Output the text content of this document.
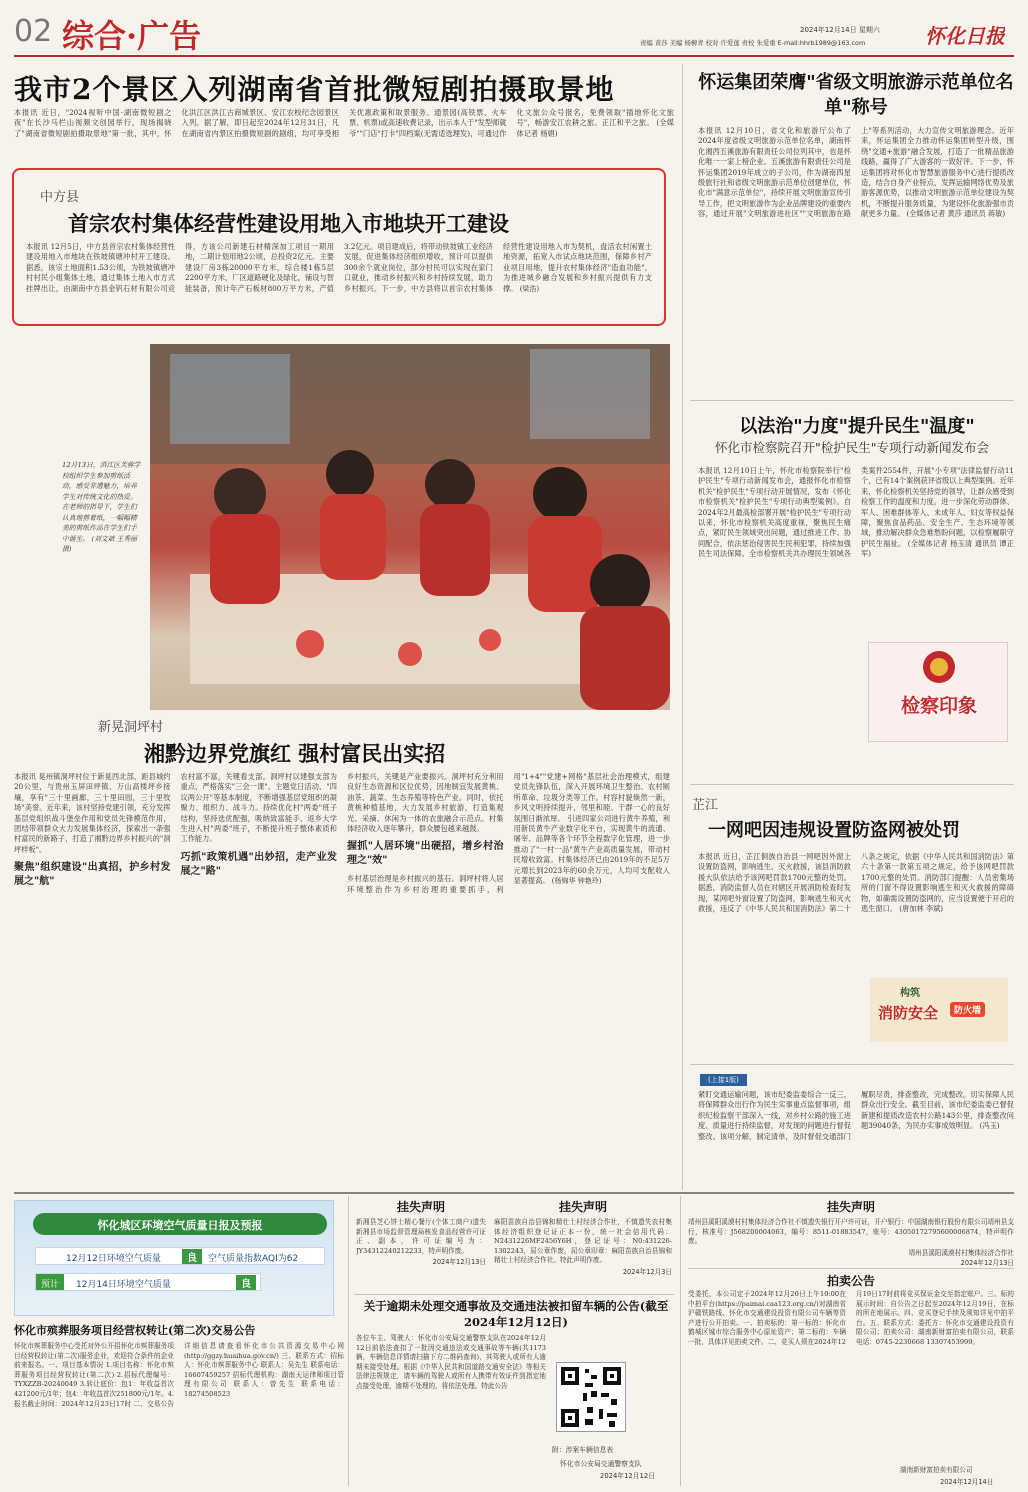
02 综合·广告	责编 黄莎 美编 杨柳青 校对 许爱莲 责校 朱爱重 E-mail:hhrb1989@163.com
2024年12月14日 星期六 怀化日报
我市2个景区入列湖南省首批微短剧拍摄取景地
本报讯 近日，"2024视听中国·湖南微短剧之夜"在长沙马栏山视频文创园举行，现场揭晓了"湖南省微短剧拍摄取景地"第一批，其中，怀化洪江区洪江古商城景区、安江农校纪念园景区入列。据了解，即日起至2024年12月31日，凡在湖南省内景区拍摄微短剧的剧组，均可享受相关优惠政策和取景服务。通景园(高铁票、火车票、机票)或高速收费记录，出示本人于"发型师就爷""门店"打卡"四档案(无需适选理发)，可通过作化文旅公众号报名，免费领取"插地怀化文旅号"，畅游安江农耕之旅、正江和平之旅。 (全媒体记者 杨娟)
中方县
首宗农村集体经营性建设用地入市地块开工建设
本报讯 12月5日，中方县首宗农村集体经营性建设用地入市地块在铁坡镇塘冲村开工建设。据悉，该宗土地面积1.53公顷，为铁坡镇塘冲村村民小组集体土地，通过集体土地入市方式挂牌出让，由湖南中方县金钒石材有限公司竞得，方该公司新建石材精深加工项目一期用地，二期计划用地2公顷，总投资2亿元。主要建设厂房3栋20000平方米，综合楼1栋5层2200平方米，厂区道路硬化及绿化，铺设与智能装备，预计年产石板材800万平方米，产值3.2亿元。项目建成后，将带动铁坡镇工业经济发展，促进集体经济组织增收，预计可以提供300余个就业岗位，部分村民可以实现在家门口就业，推动乡村振兴和乡村持续发展，助力乡村振兴。下一步，中方县将以首宗农村集体经营性建设用地入市为契机，盘活农村闲置土地资源，拓宽入市试点地块范围，保障乡村产业项目用地，提升农村集体经济"造血功能"，为推进城乡融合发展和乡村振兴提供有力支撑。 (梁浩)
12月13日，洪江区芙蓉学校组织学生参加剪纸活动，感受非遗魅力，培养学生对传统文化的热爱。在老师的指导下，学生们认真地剪着纸，一幅幅精美的剪纸作品在学生们手中诞生。 (刘文斌 王秀丽 摄)
新晃洞坪村
湘黔边界党旗红 强村富民出实招
本报讯 晃州镇洞坪村位于新晃西北部，距县城约20公里，与贵州玉屏田坪镇、万山高楼坪乡接壤，享有"三十里画廊，三十里田园，三十里牧场"美誉。近年来，该村坚持党建引领，充分发挥基层党组织战斗堡垒作用和党员先锋模范作用，团结带领群众大力发展集体经济，探索出一条强村富民的新路子，打造了湘黔边界乡村振兴的"洞坪样板"。
聚焦"组织建设"出真招，护乡村发展之"航"
农村富不富，关键看支部。洞坪村以建强支部为重点，严格落实"三会一课"、主题党日活动、"四议两公开"等基本制度，不断增强基层党组织的凝聚力、组织力、战斗力。持续优化村"两委"班子结构，坚持选优配强，吸纳致富能手、返乡大学生进入村"两委"班子，不断提升班子整体素质和工作能力。
巧抓"政策机遇"出妙招，走产业发展之"路"
乡村振兴，关键是产业要振兴。洞坪村充分利用良好生态资源和区位优势，因地制宜发展黄桃、油茶、蔬菜、生态养殖等特色产业。同时，依托黄桃种植基地，大力发展乡村旅游，打造集观光、采摘、休闲为一体的农旅融合示范点。村集体经济收入逐年攀升，群众腰包越来越鼓。
握抓"人居环境"出硬招，增乡村治理之"效"
乡村基层治理是乡村振兴的基石。洞坪村将人居环境整治作为乡村治理的重要抓手，利用"1+4""党建+网格"基层社会治理模式，组建党员先锋队伍，深入开展环境卫生整治、农村厕所革命、垃圾分类等工作。村容村貌焕然一新，乡风文明持续提升，邻里和睦、干群一心的良好氛围日渐浓厚。 引进四家公司进行黄牛养殖，利用新民黄牛产业数字化平台，实现黄牛的流通、屠宰、品牌等各个环节全程数字化管理，进一步推动了"一村一品"黄牛产业高质量发展，带动村民增收致富。村集体经济已由2019年的不足5万元增长到2023年的60余万元，人均可支配收入显著提高。 (杨锦华 钟艳玲)
怀运集团荣膺"省级文明旅游示范单位名单"称号
本报讯 12月10日，省文化和旅游厅公布了2024年度省级文明旅游示范单位名单，湖南怀化湘西五溪旅游有限责任公司位列其中，也是怀化唯一一家上榜企业。五溪旅游有限责任公司是怀运集团2019年成立的子公司，作为湖南四星级旅行社和省级文明旅游示范单位创建单位，怀化市"满意示范单位"，持续开展文明旅游宣传引导工作，把文明旅游作为企业品牌建设的重要内容，通过开展"文明旅游进社区""文明旅游在路上"等系列活动，大力宣传文明旅游理念。近年来，怀运集团全力推动怀运集团转型升级，围绕"交通+旅游"融合发展，打造了一批精品旅游线路，赢得了广大游客的一致好评。下一步，怀运集团将对怀化市智慧旅游服务中心进行提质改造，结合自身产业特点，发挥运输网络优势及旅游客源优势，以推动文明旅游示范单位建设为契机，不断提升服务质量，为建设怀化旅游强市贡献更多力量。 (全媒体记者 黄莎 通讯员 蒋敏)
以法治"力度"提升民生"温度"
怀化市检察院召开"检护民生"专项行动新闻发布会
本报讯 12月10日上午，怀化市检察院举行"检护民生"专项行动新闻发布会，通报怀化市检察机关"检护民生"专项行动开展情况，发布《怀化市检察机关"检护民生"专项行动典型案例》。自2024年2月最高检部署开展"检护民生"专项行动以来，怀化市检察机关高度重视，聚焦民生痛点，紧盯民生领域突出问题，通过推进工作、协同配合，依法惩治侵害民生民利犯罪，持续加强民生司法保障。全市检察机关共办理民生领域各类案件2554件，开展"小专项"法律监督行动11个，已有14个案例获评省级以上典型案例。近年来，怀化检察机关坚持党的领导，让群众感受到检察工作的温度和力度，进一步深化劳动群体、军人、困难群体等人、未成年人、妇女等权益保障，聚焦食品药品、安全生产、生态环境等领域，推动解决群众急难愁盼问题，以检察履职守护民生福祉。 (全媒体记者 杨玉清 通讯员 谭正军)
检察印象
芷江
一网吧因违规设置防盗网被处罚
本报讯 近日，芷江侗族自治县一网吧因外窗上设置防盗网，影响逃生、灭火救援，该县消防救援大队依法给予该网吧罚款1700元整的处罚。据悉，消防监督人员在对辖区开展消防检查时发现，某网吧外窗设置了防盗网，影响逃生和灭火救援，违反了《中华人民共和国消防法》第二十八条之规定，依据《中华人民共和国消防法》第六十条第一款第五项之规定，给予该网吧罚款1700元整的处罚。消防部门提醒：人员密集场所的门窗不得设置影响逃生和灭火救援的障碍物，如确需设置防盗网的，应当设置便于开启的逃生窗口。 (唐加林 李斌)
构筑
消防安全	防火墙
(上接1版)
紧盯交通运输问题，该市纪委监委综合一反三，将保障群众出行作为民生实事重点监督事项，组织纪检监察干部深入一线，对乡村公路的施工进度、质量进行持续监督，对发现的问题进行督促整改。该项分解，制定清单，及时督促交通部门履职尽责，排查整改，完成整改。切实保障人民群众出行安全。截至目前，该市纪委监委已督促新建和提质改造农村公路143公里，排查整改问题39040条，为民办实事成效明显。 (冯玉)
怀化城区环境空气质量日报及预报
12月12日环境空气质量	良	空气质量指数AQI为62
预计	12月14日环境空气质量	良
怀化市殡葬服务项目经营权转让(第二次)交易公告
怀化市殡葬服务中心受托对外公开招怀化市殡葬服务项目经营权转让(第二次)服务企业，欢迎符合条件的企业前来报名。一、项目基本情况 1.项目名称：怀化市殡葬服务项目经营权转让(第二次) 2.招标代理编号：TYXZZB-20240049 3.转让底价：包1：年收益首次421200元/1年；包4：年收益首次251800元/1年。4.报名截止时间：2024年12月23日17时 二、交易公告详细信息请查看怀化市公共资源交易中心网(http://ggzy.huaihua.gov.cn/) 三、联系方式：招标人：怀化市殡葬服务中心 联系人：吴先生 联系电话：16607459257 招标代理机构：湖南天运律师项目管理有限公司 联系人：曾先生 联系电话：18274508523
挂失声明
新湘县芝心饼士精心餐厅(个体工商户)遗失新湘县市场监督管理局核发食品经营许可证正、副本，许可证编号为：JY34312240212233，特声明作废。
2024年12月13日
挂失声明
麻阳苗族自治县锦和精壮士村经济合作社，不慎遗失农村集体经济组织登记证正本一份，统一社会信用代码：N2431226MF2456Y6H，登记证号：N0:431226-1302243，屈公章作废，屈公章印章：麻阳苗族自治县锦和精壮士村经济合作社。特此声明作废。
2024年12月3日
关于逾期未处理交通事故及交通违法被扣留车辆的公告(截至2024年12月12日)
各位车主、驾驶人：怀化市公安局交通警察支队在2024年12月12日前依法查扣了一批因交通违法或交通事故等车辆(共1173辆，车辆信息详情请扫描下方二维码查询)，其驾驶人或所有人逾期未接受处理。根据《中华人民共和国道路交通安全法》等相关法律法规规定，请车辆的驾驶人或所有人携带有效证件到指定地点接受处理，逾期不处理的，将依法处理。特此公告
附：涉案车辆信息表
怀化市公安局交通警察支队
2024年12月12日
挂失声明
靖州县溪阳溪漠村村集体经济合作社不慎遗失银行开户许可证，开户银行：中国湖南银行股份有限公司靖州县支行，核准号：J568200004063，编号：8511-01883547，账号：43050172795600006874，特声明作废。
靖州县溪阳溪漠村村集体经济合作社
2024年12月13日
拍卖公告
受委托，本公司定于2024年12月20日上午10:00在中拍平台(https://paimai.caa123.org.cn/)对湖南省沪赣铁路线、怀化市交通建设投资有限公司车辆等资产进行公开拍卖。一、拍卖标的：第一标的：怀化市鹤城区城市综合服务中心原址资产；第二标的：车辆一批，具体详见拍卖文件。二、竞买人须在2024年12月19日17时前将竞买保证金交至指定账户。三、标的展示时间：自公告之日起至2024年12月19日，在标的所在地展示。四、竞买登记手续及须知详见中拍平台。五、联系方式：委托方：怀化市交通建设投资有限公司；拍卖公司：湖南新财富拍卖有限公司，联系电话：0745-2230668 13307453999。
湖南新财富拍卖有限公司
2024年12月14日
